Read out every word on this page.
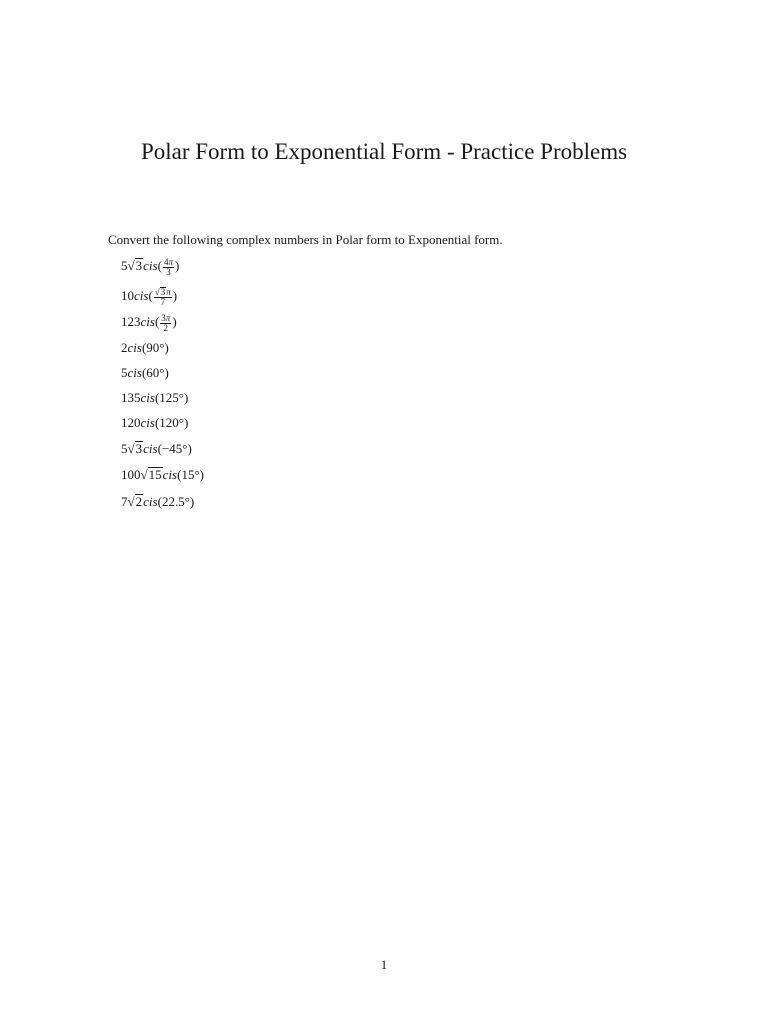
Polar Form to Exponential Form - Practice Problems
Convert the following complex numbers in Polar form to Exponential form.
$5√3cis( \frac{4\pi}{3}$ )
$10cis( \frac{√3\pi}{7}$ )
$123cis( \frac{3\pi}{2}$ )
2cis(90°)
5cis(60°)
135cis(125°)
120cis(120°)
5√3cis(−45°)
100√15cis(15°)
7√2cis(22.5°)
1
